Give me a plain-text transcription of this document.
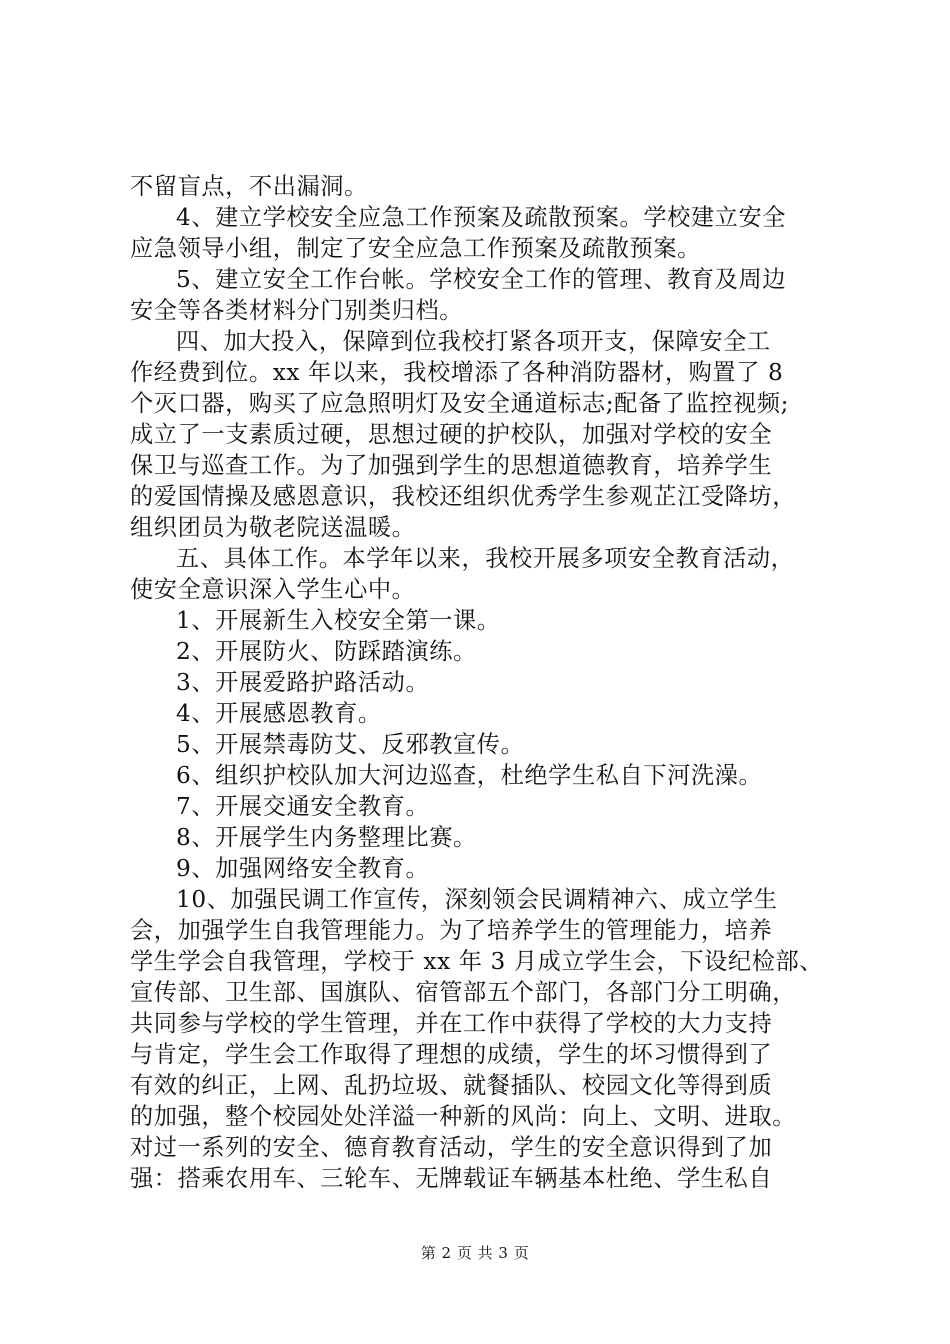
不留盲点，不出漏洞。
4、建立学校安全应急工作预案及疏散预案。学校建立安全
应急领导小组，制定了安全应急工作预案及疏散预案。
5、建立安全工作台帐。学校安全工作的管理、教育及周边
安全等各类材料分门别类归档。
四、加大投入，保障到位我校打紧各项开支，保障安全工
作经费到位。xx 年以来，我校增添了各种消防器材，购置了 8
个灭口器，购买了应急照明灯及安全通道标志;配备了监控视频;
成立了一支素质过硬，思想过硬的护校队，加强对学校的安全
保卫与巡查工作。为了加强到学生的思想道德教育，培养学生
的爱国情操及感恩意识，我校还组织优秀学生参观芷江受降坊，
组织团员为敬老院送温暖。
五、具体工作。本学年以来，我校开展多项安全教育活动，
使安全意识深入学生心中。
1、开展新生入校安全第一课。
2、开展防火、防踩踏演练。
3、开展爱路护路活动。
4、开展感恩教育。
5、开展禁毒防艾、反邪教宣传。
6、组织护校队加大河边巡查，杜绝学生私自下河洗澡。
7、开展交通安全教育。
8、开展学生内务整理比赛。
9、加强网络安全教育。
10、加强民调工作宣传，深刻领会民调精神六、成立学生
会，加强学生自我管理能力。为了培养学生的管理能力，培养
学生学会自我管理，学校于 xx 年 3 月成立学生会，下设纪检部、
宣传部、卫生部、国旗队、宿管部五个部门，各部门分工明确，
共同参与学校的学生管理，并在工作中获得了学校的大力支持
与肯定，学生会工作取得了理想的成绩，学生的坏习惯得到了
有效的纠正，上网、乱扔垃圾、就餐插队、校园文化等得到质
的加强，整个校园处处洋溢一种新的风尚：向上、文明、进取。
对过一系列的安全、德育教育活动，学生的安全意识得到了加
强：搭乘农用车、三轮车、无牌载证车辆基本杜绝、学生私自
第 2 页 共 3 页
